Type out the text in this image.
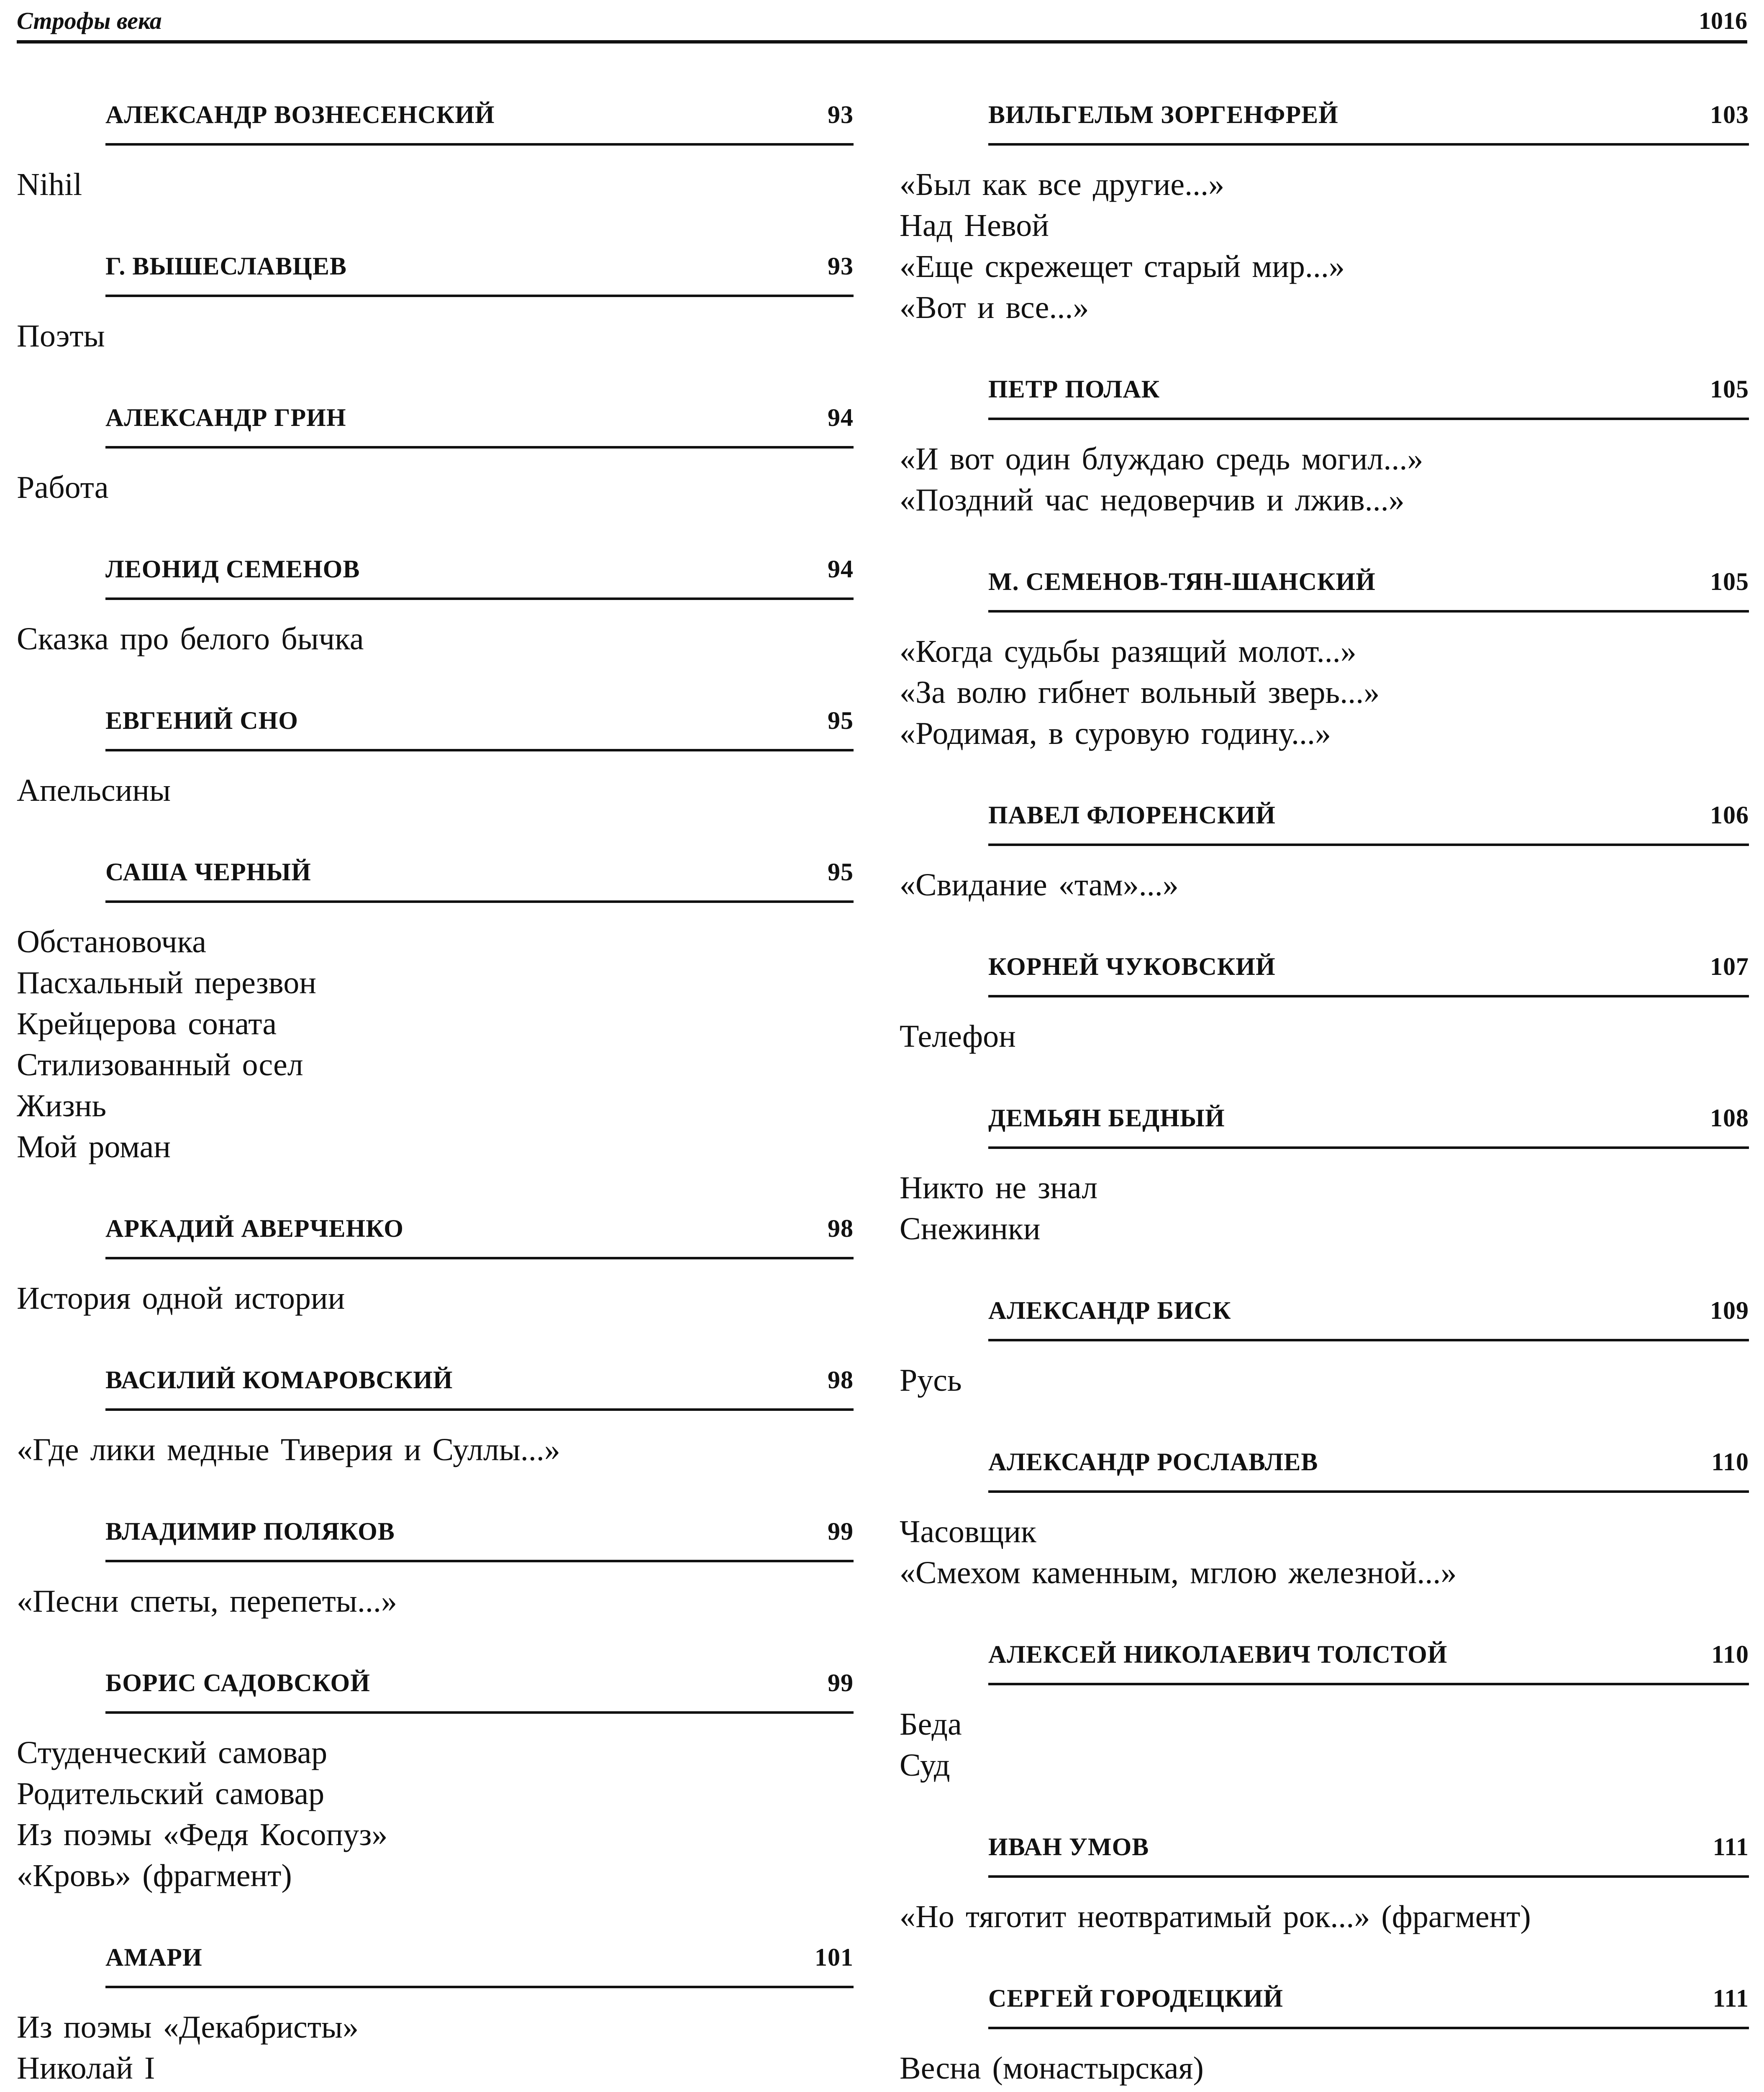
Строфы века	1016
АЛЕКСАНДР ВОЗНЕСЕНСКИЙ	93
Nihil
Г. ВЫШЕСЛАВЦЕВ	93
Поэты
АЛЕКСАНДР ГРИН	94
Работа
ЛЕОНИД СЕМЕНОВ	94
Сказка про белого бычка
ЕВГЕНИЙ СНО	95
Апельсины
САША ЧЕРНЫЙ	95
Обстановочка
Пасхальный перезвон
Крейцерова соната
Стилизованный осел
Жизнь
Мой роман
АРКАДИЙ АВЕРЧЕНКО	98
История одной истории
ВАСИЛИЙ КОМАРОВСКИЙ	98
«Где лики медные Тиверия и Суллы...»
ВЛАДИМИР ПОЛЯКОВ	99
«Песни спеты, перепеты...»
БОРИС САДОВСКОЙ	99
Студенческий самовар
Родительский самовар
Из поэмы «Федя Косопуз»
«Кровь» (фрагмент)
АМАРИ	101
Из поэмы «Декабристы»
Николай I
ВИЛЬГЕЛЬМ ЗОРГЕНФРЕЙ	103
«Был как все другие...»
Над Невой
«Еще скрежещет старый мир...»
«Вот и все...»
ПЕТР ПОЛАК	105
«И вот один блуждаю средь могил...»
«Поздний час недоверчив и лжив...»
М. СЕМЕНОВ-ТЯН-ШАНСКИЙ	105
«Когда судьбы разящий молот...»
«За волю гибнет вольный зверь...»
«Родимая, в суровую годину...»
ПАВЕЛ ФЛОРЕНСКИЙ	106
«Свидание «там»...»
КОРНЕЙ ЧУКОВСКИЙ	107
Телефон
ДЕМЬЯН БЕДНЫЙ	108
Никто не знал
Снежинки
АЛЕКСАНДР БИСК	109
Русь
АЛЕКСАНДР РОСЛАВЛЕВ	110
Часовщик
«Смехом каменным, мглою железной...»
АЛЕКСЕЙ НИКОЛАЕВИЧ ТОЛСТОЙ	110
Беда
Суд
ИВАН УМОВ	111
«Но тяготит неотвратимый рок...» (фрагмент)
СЕРГЕЙ ГОРОДЕЦКИЙ	111
Весна (монастырская)
